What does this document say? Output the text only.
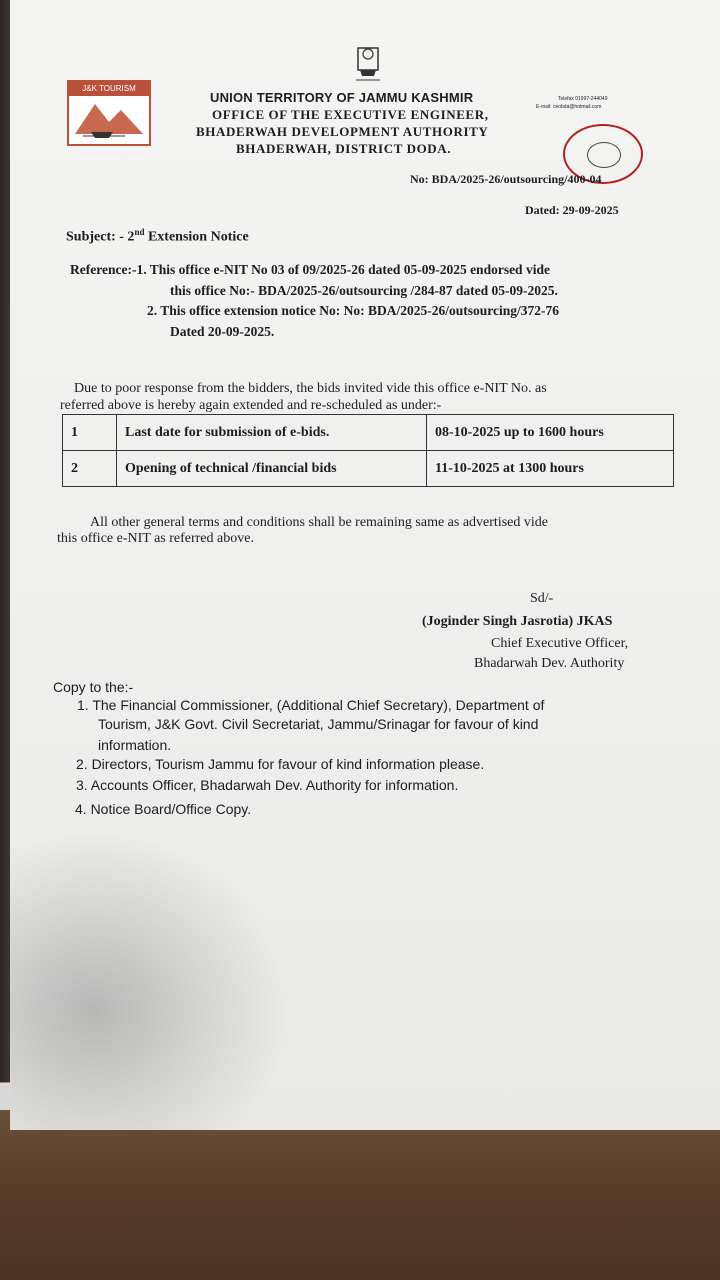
J&K TOURISM
UNION TERRITORY OF JAMMU KASHMIR
OFFICE OF THE EXECUTIVE ENGINEER,
BHADERWAH DEVELOPMENT AUTHORITY
BHADERWAH, DISTRICT DODA.
Telefax 01997-244049
E-mail: ceobda@hotmail.com
No: BDA/2025-26/outsourcing/400-04
Dated: 29-09-2025
Subject: - 2nd Extension Notice
Reference:-1. This office e-NIT No 03 of 09/2025-26 dated 05-09-2025 endorsed vide
this office No:- BDA/2025-26/outsourcing /284-87 dated 05-09-2025.
2. This office extension notice No: No: BDA/2025-26/outsourcing/372-76
Dated 20-09-2025.
Due to poor response from the bidders, the bids invited vide this office e-NIT No. as
referred above is hereby again extended and re-scheduled as under:-
1	Last date for submission of e-bids.	08-10-2025 up to 1600 hours
2	Opening of technical /financial bids	11-10-2025 at 1300 hours
All other general terms and conditions shall be remaining same as advertised vide
this office e-NIT as referred above.
Sd/-
(Joginder Singh Jasrotia) JKAS
Chief Executive Officer,
Bhadarwah Dev. Authority
Copy to the:-
1. The Financial Commissioner, (Additional Chief Secretary), Department of
Tourism, J&K Govt. Civil Secretariat, Jammu/Srinagar for favour of kind
information.
2. Directors, Tourism Jammu for favour of kind information please.
3. Accounts Officer, Bhadarwah Dev. Authority for information.
4. Notice Board/Office Copy.
